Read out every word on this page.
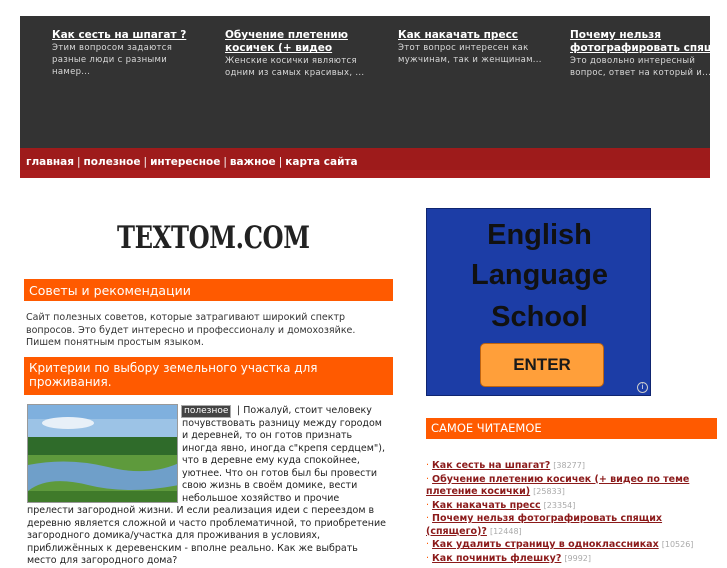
Как сесть на шпагат ?

Этим вопросом задаются разные люди с разными намер...

Обучение плетению косичек (+ видео

Женские косички являются одним из самых красивых, ...

Как накачать пресс

Этот вопрос интересен как мужчинам, так и женщинам...

Почему нельзя фотографировать спящ

Это довольно интересный вопрос, ответ на который и...

главная | полезное | интересное | важное | карта сайта
TEXTOM.COM
Советы и рекомендации
Сайт полезных советов, которые затрагивают широкий спектр вопросов. Это будет интересно и профессионалу и домохозяйке. Пишем понятным простым языком.
Критерии по выбору земельного участка для проживания.
полезное | Пожалуй, стоит человеку почувствовать разницу между городом и деревней, то он готов признать иногда явно, иногда с"крепя сердцем"), что в деревне ему куда спокойнее, уютнее. Что он готов был бы провести свою жизнь в своём домике, вести небольшое хозяйство и прочие прелести загородной жизни. И если реализация идеи с переездом в деревню является сложной и часто проблематичной, то приобретение загородного домика/участка для проживания в условиях, приближённых к деревенским - вполне реально. Как же выбрать место для загородного дома?
English
Language
School
ENTER
i
САМОЕ ЧИТАЕМОЕ
· Как сесть на шпагат? [38277]
· Обучение плетению косичек (+ видео по теме плетение косички) [25833]
· Как накачать пресс [23354]
· Почему нельзя фотографировать спящих (спящего)? [12448]
· Как удалить страницу в одноклассниках [10526]
· Как починить флешку? [9992]
